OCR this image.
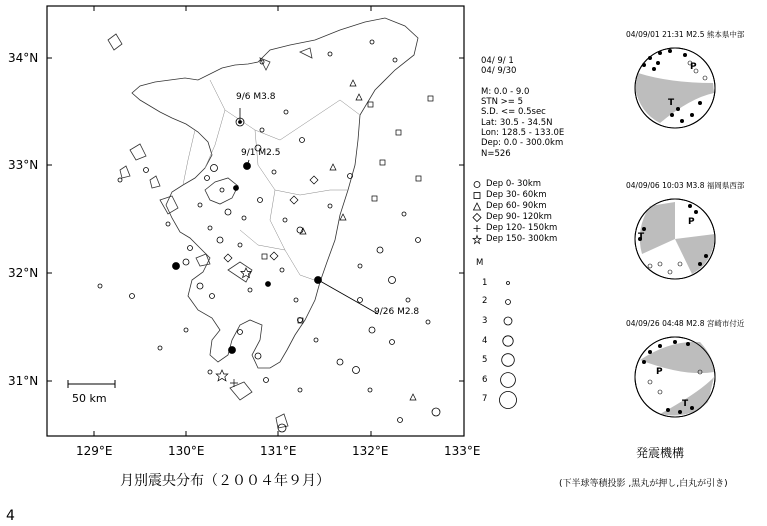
34°N
33°N
32°N
31°N
129°E	130°E	131°E	132°E	133°E
50 km
9/6 M3.8
9/1 M2.5
9/26 M2.8
月別震央分布（２００４年９月）
04/ 9/ 1
04/ 9/30

M: 0.0 - 9.0
STN >= 5
S.D. <= 0.5sec
Lat: 30.5 - 34.5N
Lon: 128.5 - 133.0E
Dep: 0.0 - 300.0km
N=526
Dep 0- 30km
Dep 30- 60km
Dep 60- 90km
Dep 90- 120km
Dep 120- 150km
Dep 150- 300km
M
1
2
3
4
5
6
7
04/09/01 21:31 M2.5 熊本県中部
P
T
04/09/06 10:03 M3.8 福岡県西部
P
T
04/09/26 04:48 M2.8 宮崎市付近
P
T
発震機構
(下半球等積投影 ,黒丸が押し,白丸が引き)
4
